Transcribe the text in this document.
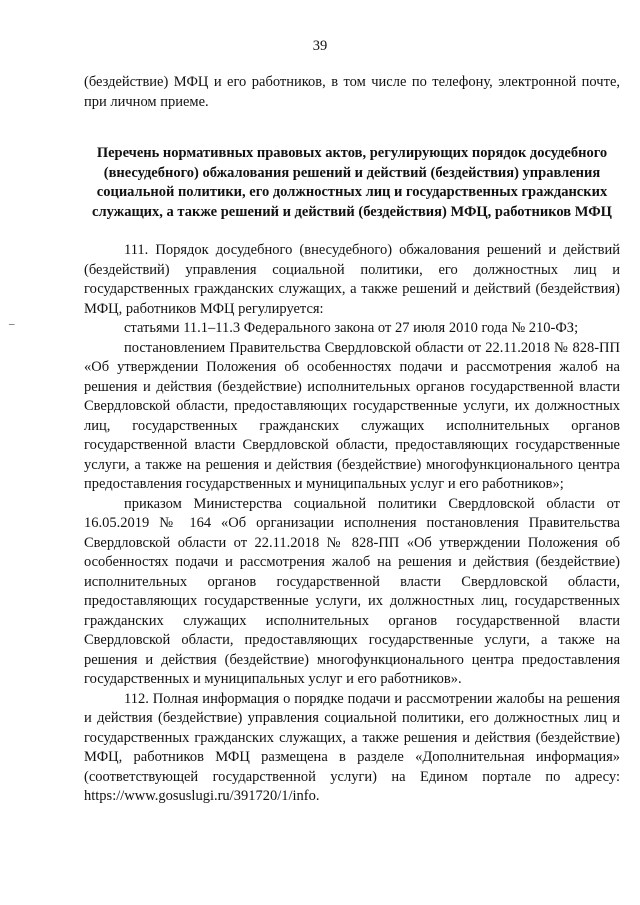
39
–

(бездействие) МФЦ и его работников, в том числе по телефону, электронной почте, при личном приеме.

Перечень нормативных правовых актов, регулирующих порядок досудебного (внесудебного) обжалования решений и действий (бездействия) управления социальной политики, его должностных лиц и государственных гражданских служащих, а также решений и действий (бездействия) МФЦ, работников МФЦ

111. Порядок досудебного (внесудебного) обжалования решений и действий (бездействий) управления социальной политики, его должностных лиц и государственных гражданских служащих, а также решений и действий (бездействия) МФЦ, работников МФЦ регулируется:

статьями 11.1–11.3 Федерального закона от 27 июля 2010 года № 210-ФЗ;

постановлением Правительства Свердловской области от 22.11.2018 № 828-ПП «Об утверждении Положения об особенностях подачи и рассмотрения жалоб на решения и действия (бездействие) исполнительных органов государственной власти Свердловской области, предоставляющих государственные услуги, их должностных лиц, государственных гражданских служащих исполнительных органов государственной власти Свердловской области, предоставляющих государственные услуги, а также на решения и действия (бездействие) многофункционального центра предоставления государственных и муниципальных услуг и его работников»;

приказом Министерства социальной политики Свердловской области от 16.05.2019 № 164 «Об организации исполнения постановления Правительства Свердловской области от 22.11.2018 № 828-ПП «Об утверждении Положения об особенностях подачи и рассмотрения жалоб на решения и действия (бездействие) исполнительных органов государственной власти Свердловской области, предоставляющих государственные услуги, их должностных лиц, государственных гражданских служащих исполнительных органов государственной власти Свердловской области, предоставляющих государственные услуги, а также на решения и действия (бездействие) многофункционального центра предоставления государственных и муниципальных услуг и его работников».

112. Полная информация о порядке подачи и рассмотрении жалобы на решения и действия (бездействие) управления социальной политики, его должностных лиц и государственных гражданских служащих, а также решения и действия (бездействие) МФЦ, работников МФЦ размещена в разделе «Дополнительная информация» (соответствующей государственной услуги) на Едином портале по адресу: https://www.gosuslugi.ru/391720/1/info.
